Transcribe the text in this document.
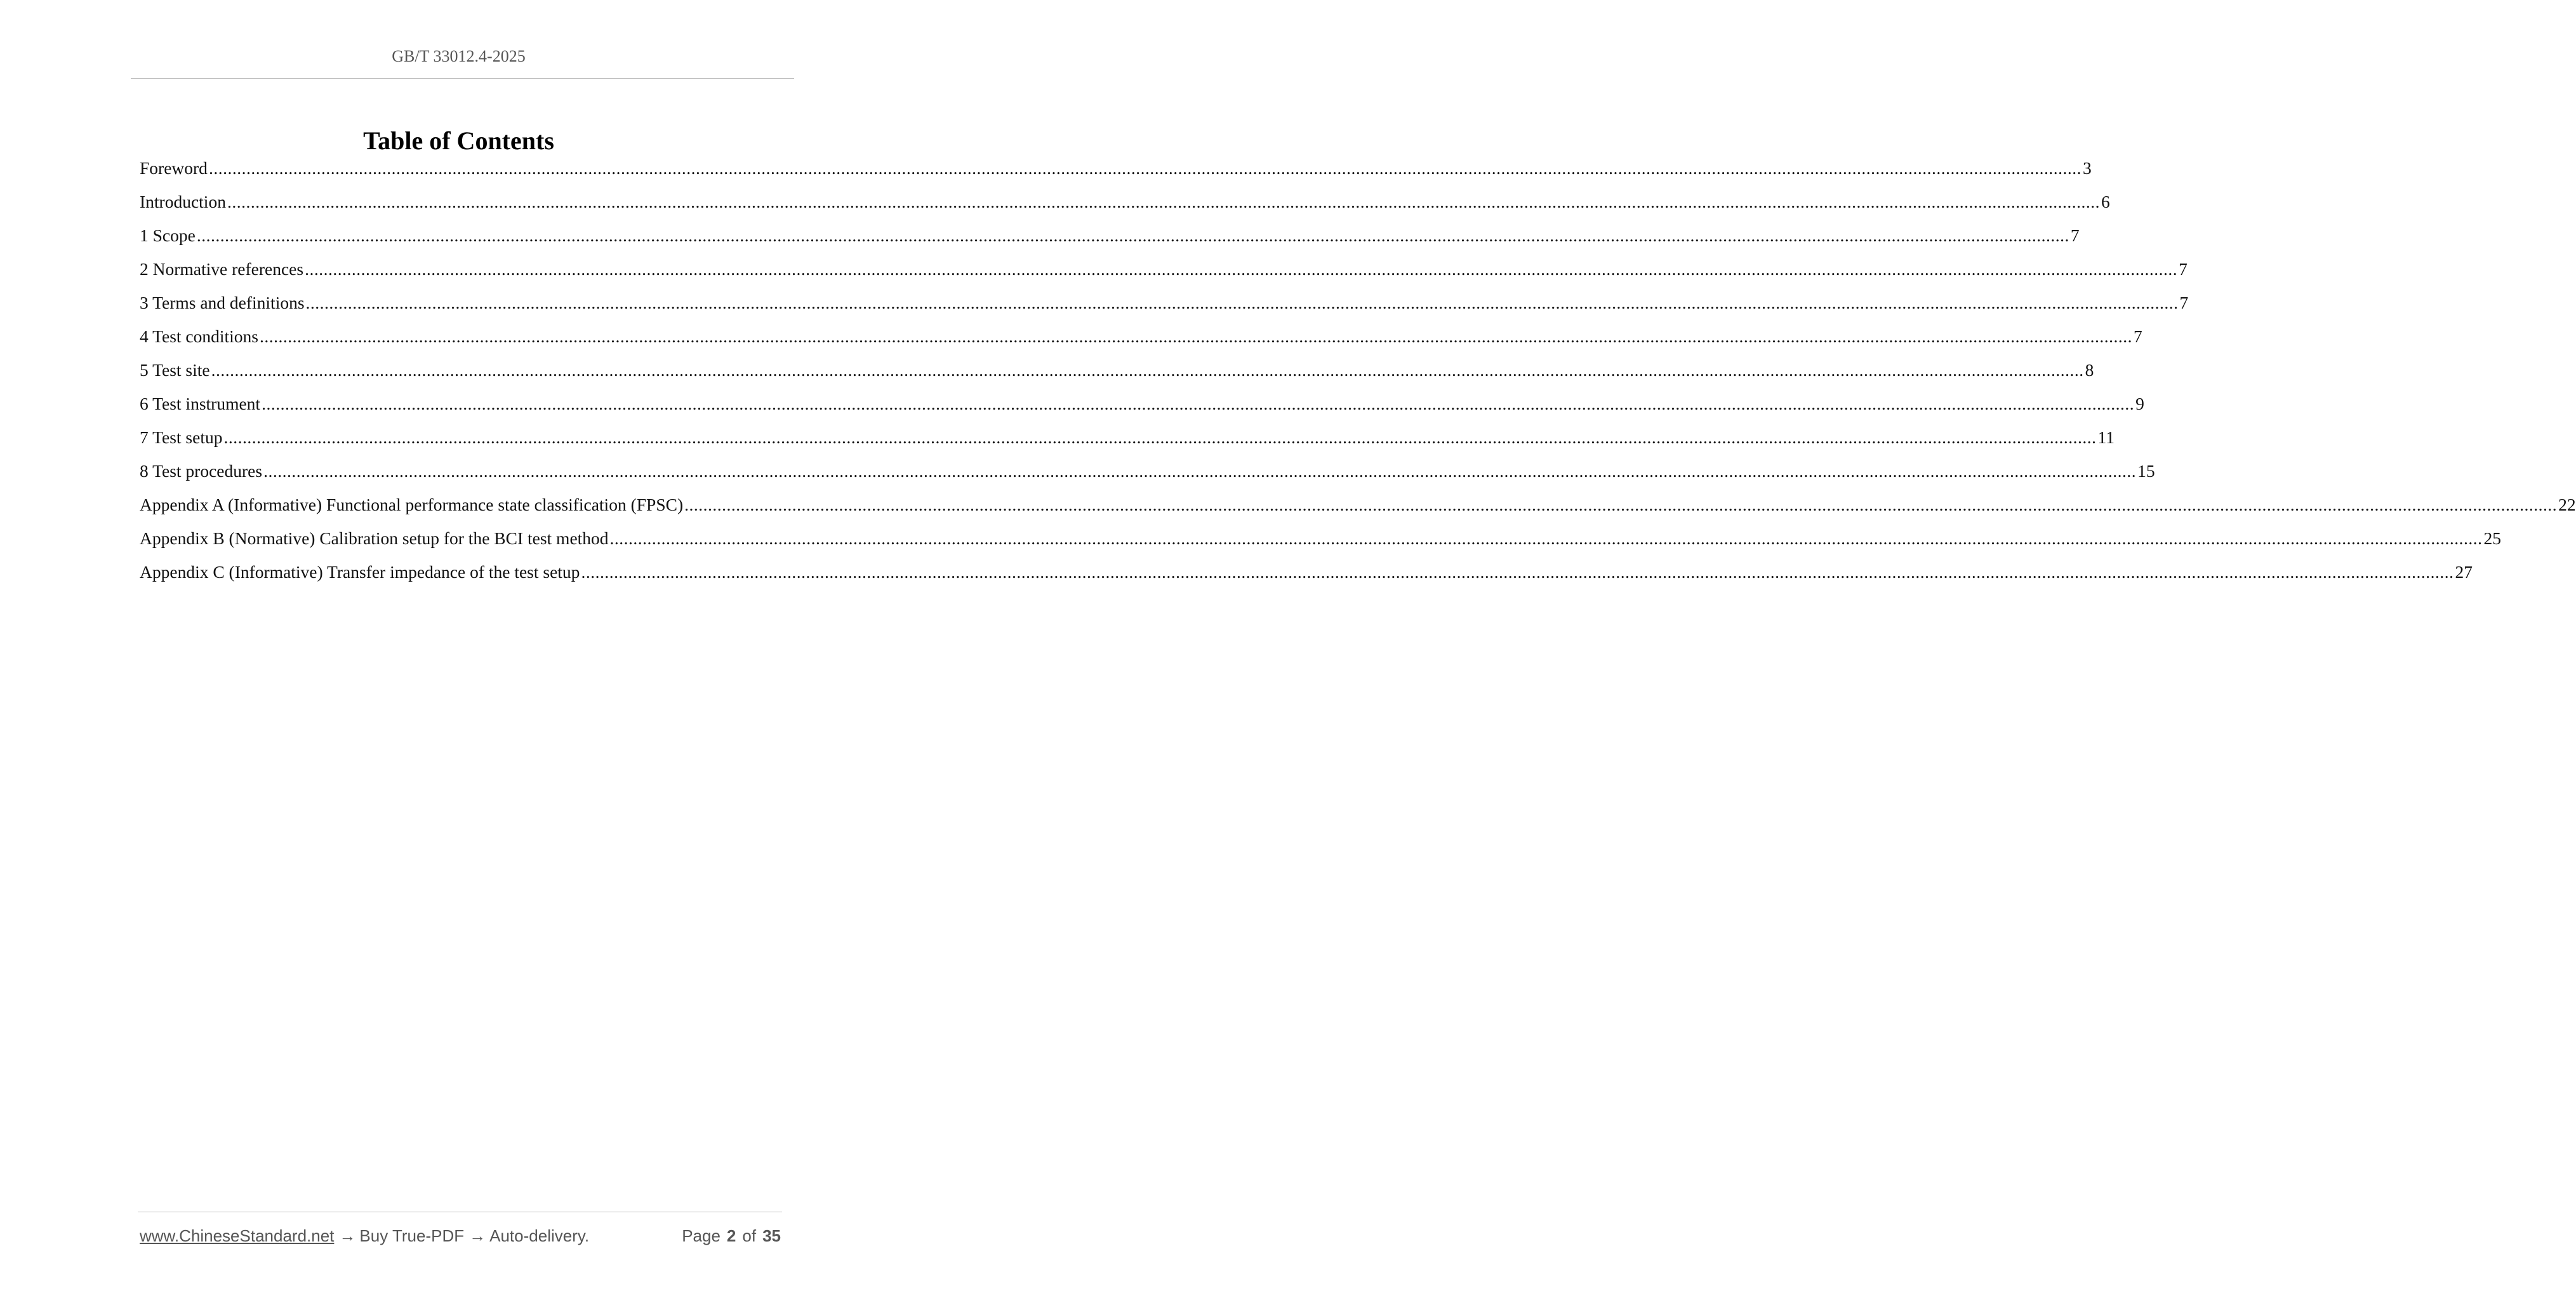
GB/T 33012.4-2025
Table of Contents
Foreword ................................................................................................................................................................................................................................................................................................................................................................................................................ 3
Introduction ................................................................................................................................................................................................................................................................................................................................................................................................................ 6
1 Scope ................................................................................................................................................................................................................................................................................................................................................................................................................ 7
2 Normative references ................................................................................................................................................................................................................................................................................................................................................................................................................ 7
3 Terms and definitions ................................................................................................................................................................................................................................................................................................................................................................................................................ 7
4 Test conditions ................................................................................................................................................................................................................................................................................................................................................................................................................ 7
5 Test site ................................................................................................................................................................................................................................................................................................................................................................................................................ 8
6 Test instrument ................................................................................................................................................................................................................................................................................................................................................................................................................ 9
7 Test setup ................................................................................................................................................................................................................................................................................................................................................................................................................ 11
8 Test procedures ................................................................................................................................................................................................................................................................................................................................................................................................................ 15
Appendix A (Informative) Functional performance state classification (FPSC) ................................................................................................................................................................................................................................................................................................................................................................................................................ 22
Appendix B (Normative) Calibration setup for the BCI test method ................................................................................................................................................................................................................................................................................................................................................................................................................ 25
Appendix C (Informative) Transfer impedance of the test setup ................................................................................................................................................................................................................................................................................................................................................................................................................ 27
www.ChineseStandard.net → Buy True-PDF → Auto-delivery.	Page 2 of 35
